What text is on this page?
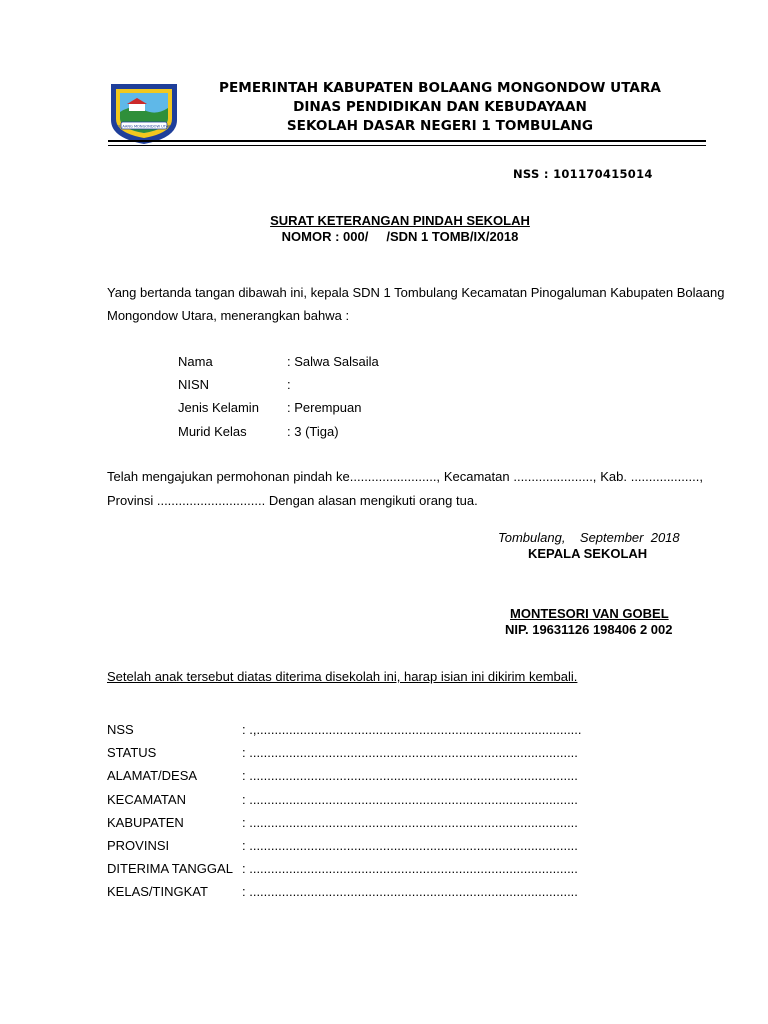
BOLAANG MONGONDOW UTARA
PEMERINTAH KABUPATEN BOLAANG MONGONDOW UTARA
DINAS PENDIDIKAN DAN KEBUDAYAAN
SEKOLAH DASAR NEGERI 1 TOMBULANG
NSS : 101170415014
SURAT KETERANGAN PINDAH SEKOLAH
NOMOR : 000/     /SDN 1 TOMB/IX/2018
Yang bertanda tangan dibawah ini, kepala SDN 1 Tombulang Kecamatan Pinogaluman Kabupaten Bolaang
Mongondow Utara, menerangkan bahwa :
Nama	: Salwa Salsaila
NISN	:
Jenis Kelamin : Perempuan
Murid Kelas	: 3 (Tiga)
Telah mengajukan permohonan pindah ke........................, Kecamatan ......................, Kab. ...................,
Provinsi .............................. Dengan alasan mengikuti orang tua.
Tombulang,    September  2018
KEPALA SEKOLAH
MONTESORI VAN GOBEL
NIP. 19631126 198406 2 002
Setelah anak tersebut diatas diterima disekolah ini, harap isian ini dikirim kembali.
NSS	: .,..........................................................................................
STATUS	: ...........................................................................................
ALAMAT/DESA	: ...........................................................................................
KECAMATAN	: ...........................................................................................
KABUPATEN	: ...........................................................................................
PROVINSI	: ...........................................................................................
DITERIMA TANGGAL : ...........................................................................................
KELAS/TINGKAT	: ...........................................................................................
